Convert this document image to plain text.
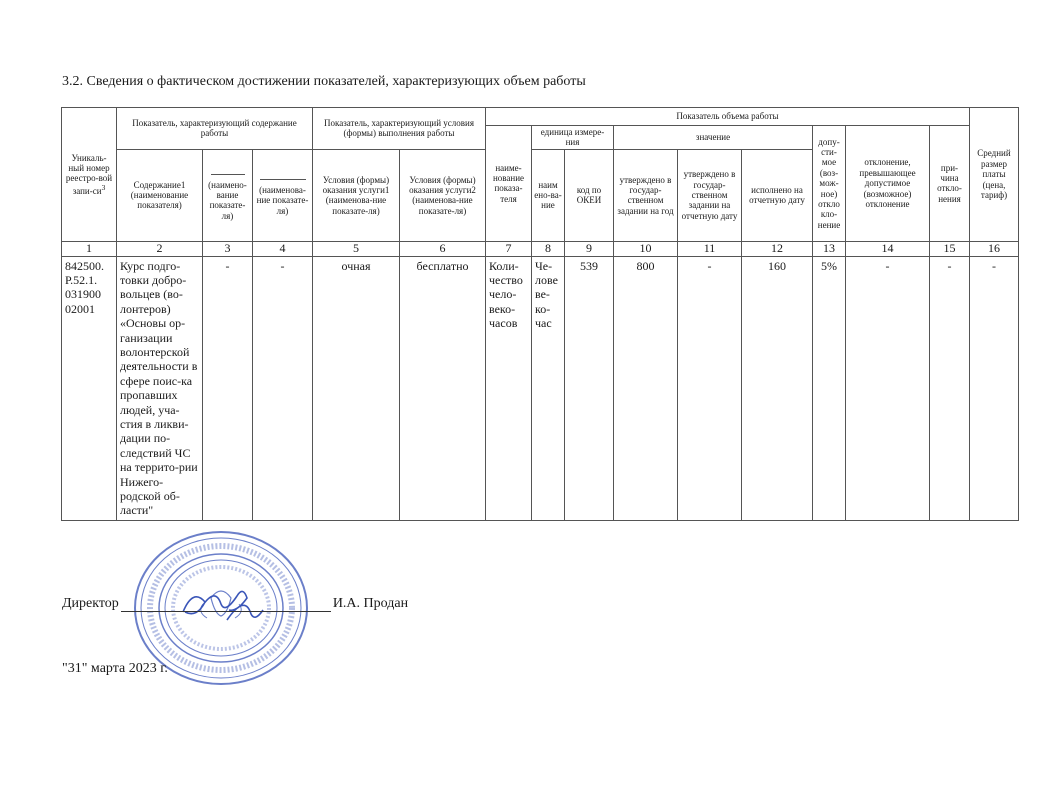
3.2. Сведения о фактическом достижении показателей, характеризующих объем работы
Уникаль-ный номер реестро-вой запи-$си^3$	Показатель, характеризующий содержание работы			Показатель, характеризующий условия (формы) выполнения работы		Показатель объема работы									Средний размер платы (цена, тариф)
						наиме-нование показа-теля	единица измере-ния		значение			допу-сти-мое (воз-мож-ное) откло кло-нение	отклонение, превышающее допустимое (возможное) отклонение	при-чина откло-нения	
	Содержание1 (наименование показателя)	(наимено-вание показате-ля)	(наименова-ние показате-ля)	Условия (формы) оказания услуги1 (наименова-ние показате-ля)	Условия (формы) оказания услуги2 (наименова-ние показате-ля)		наим ено-ва-ние	код по ОКЕИ	утверждено в государ-ственном задании на год	утверждено в государ-ственном задании на отчетную дату	исполнено на отчетную дату				
1	2	3	4	5	6	7	8	9	10	11	12	13	14	15	16
842500. Р.52.1. 031900 02001	Курс подго-товки добро-вольцев (во-лонтеров) «Основы ор-ганизации волонтерской деятельности в сфере поис-ка пропавших людей, уча-стия в ликви-дации по-следствий ЧС на террито-рии Нижего-родской об-ласти"	-	-	очная	бесплатно	Коли-чество чело-веко-часов	Че-лове ве-ко-час	539	800	-	160	5%	-	-	-
Директор	И.А. Продан
"31" марта 2023 г.
